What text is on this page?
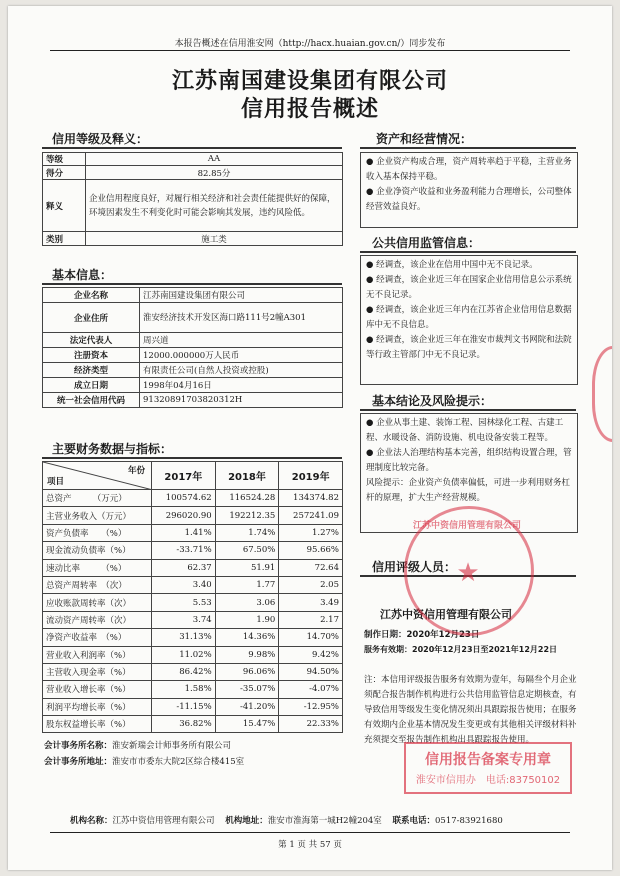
本报告概述在信用淮安网（http://hacx.huaian.gov.cn/）同步发布
江苏南国建设集团有限公司
信用报告概述
信用等级及释义：
等级	AA
得分	82.85分
释义	企业信用程度良好，对履行相关经济和社会责任能提供好的保障，环境因素发生不利变化时可能会影响其发展，违约风险低。
类别	施工类
基本信息：
企业名称	江苏南国建设集团有限公司
企业住所	淮安经济技术开发区海口路111号2幢A301
法定代表人	周兴道
注册资本	12000.000000万人民币
经济类型	有限责任公司(自然人投资或控股)
成立日期	1998年04月16日
统一社会信用代码	91320891703820312H
主要财务数据与指标：
年份
项目	2017年	2018年	2019年
总资产　　　（万元）	100574.62	116524.28	134374.82
主营业务收入（万元）	296020.90	192212.35	257241.09
资产负债率　　（%）	1.41%	1.74%	1.27%
现金流动负债率（%）	-33.71%	67.50%	95.66%
速动比率　　　（%）	62.37	51.91	72.64
总资产周转率　（次）	3.40	1.77	2.05
应收账款周转率（次）	5.53	3.06	3.49
流动资产周转率（次）	3.74	1.90	2.17
净资产收益率　（%）	31.13%	14.36%	14.70%
营业收入利润率（%）	11.02%	9.98%	9.42%
主营收入现金率（%）	86.42%	96.06%	94.50%
营业收入增长率（%）	1.58%	-35.07%	-4.07%
利润平均增长率（%）	-11.15%	-41.20%	-12.95%
股东权益增长率（%）	36.82%	15.47%	22.33%
会计事务所名称：淮安新瑞会计师事务所有限公司
会计事务所地址：淮安市市委东大院2区综合楼415室
资产和经营情况：

● 企业资产构成合理，资产周转率趋于平稳，主营业务收入基本保持平稳。

● 企业净资产收益和业务盈利能力合理增长，公司整体经营效益良好。

公共信用监管信息：

● 经调查，该企业在信用中国中无不良记录。

● 经调查，该企业近三年在国家企业信用信息公示系统无不良记录。

● 经调查，该企业近三年内在江苏省企业信用信息数据库中无不良信息。

● 经调查，该企业近三年在淮安市裁判文书网院和法院等行政主管部门中无不良记录。

基本结论及风险提示：

● 企业从事土建、装饰工程、园林绿化工程、古建工程、水暖设备、消防设施、机电设备安装工程等。

● 企业法人治理结构基本完善，组织结构设置合理，管理制度比较完备。

风险提示：企业资产负债率偏低，可进一步利用财务杠杆的原理，扩大生产经营规模。

信用评级人员：
江苏中资信用管理有限公司
制作日期：2020年12月23日
服务有效期：2020年12月23日至2021年12月22日
注：本信用评级报告服务有效期为壹年，每隔叁个月企业须配合报告制作机构进行公共信用监管信息定期核查，有导致信用等级发生变化情况须出具跟踪报告使用；在服务有效期内企业基本情况发生变更或有其他相关评级材料补充须提交至报告制作机构出具跟踪报告使用。
★
江苏中资信用管理有限公司
信用报告备案专用章
淮安市信用办　电话:83750102
机构名称：江苏中资信用管理有限公司 机构地址：淮安市淮海第一城H2幢204室 联系电话：0517-83921680
第 1 页 共 57 页
